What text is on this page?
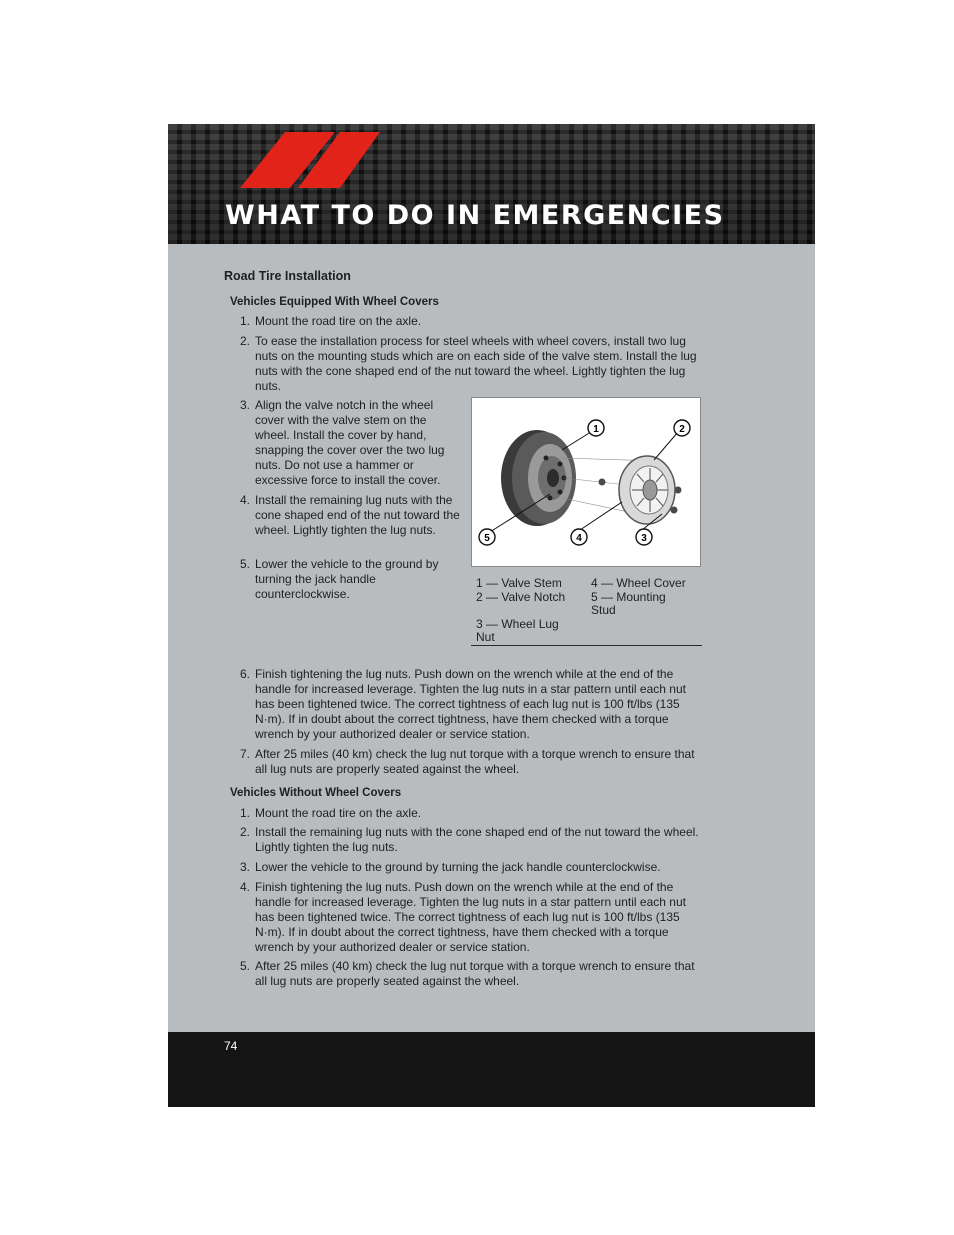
WHAT TO DO IN EMERGENCIES
Road Tire Installation
Vehicles Equipped With Wheel Covers
1. Mount the road tire on the axle.
2. To ease the installation process for steel wheels with wheel covers, install two lug nuts on the mounting studs which are on each side of the valve stem. Install the lug nuts with the cone shaped end of the nut toward the wheel. Lightly tighten the lug nuts.
3. Align the valve notch in the wheel cover with the valve stem on the wheel. Install the cover by hand, snapping the cover over the two lug nuts. Do not use a hammer or excessive force to install the cover.
4. Install the remaining lug nuts with the cone shaped end of the nut toward the wheel. Lightly tighten the lug nuts.
5. Lower the vehicle to the ground by turning the jack handle counterclockwise.
1	2
3
4
5
1 — Valve Stem
2 — Valve Notch
3 — Wheel Lug Nut
4 — Wheel Cover
5 — Mounting Stud
6. Finish tightening the lug nuts. Push down on the wrench while at the end of the handle for increased leverage. Tighten the lug nuts in a star pattern until each nut has been tightened twice. The correct tightness of each lug nut is 100 ft/lbs (135 N·m). If in doubt about the correct tightness, have them checked with a torque wrench by your authorized dealer or service station.
7. After 25 miles (40 km) check the lug nut torque with a torque wrench to ensure that all lug nuts are properly seated against the wheel.
Vehicles Without Wheel Covers
1. Mount the road tire on the axle.
2. Install the remaining lug nuts with the cone shaped end of the nut toward the wheel. Lightly tighten the lug nuts.
3. Lower the vehicle to the ground by turning the jack handle counterclockwise.
4. Finish tightening the lug nuts. Push down on the wrench while at the end of the handle for increased leverage. Tighten the lug nuts in a star pattern until each nut has been tightened twice. The correct tightness of each lug nut is 100 ft/lbs (135 N·m). If in doubt about the correct tightness, have them checked with a torque wrench by your authorized dealer or service station.
5. After 25 miles (40 km) check the lug nut torque with a torque wrench to ensure that all lug nuts are properly seated against the wheel.
74
